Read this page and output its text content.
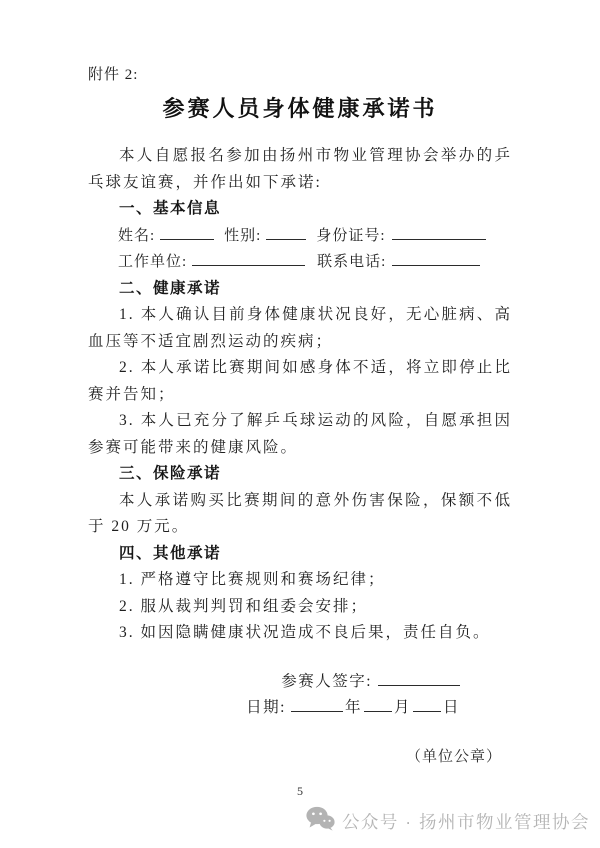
附件 2:
参赛人员身体健康承诺书

本人自愿报名参加由扬州市物业管理协会举办的乒乓球友谊赛，并作出如下承诺:

一、基本信息
姓名:	性别:	身份证号:
工作单位:	联系电话:
二、健康承诺

1. 本人确认目前身体健康状况良好，无心脏病、高血压等不适宜剧烈运动的疾病；

2. 本人承诺比赛期间如感身体不适，将立即停止比赛并告知；

3. 本人已充分了解乒乓球运动的风险，自愿承担因参赛可能带来的健康风险。

三、保险承诺

本人承诺购买比赛期间的意外伤害保险，保额不低于 20 万元。

四、其他承诺

1. 严格遵守比赛规则和赛场纪律；

2. 服从裁判判罚和组委会安排；

3. 如因隐瞒健康状况造成不良后果，责任自负。

参赛人签字:
日期:	年 月 日
（单位公章）
5
公众号 · 扬州市物业管理协会
